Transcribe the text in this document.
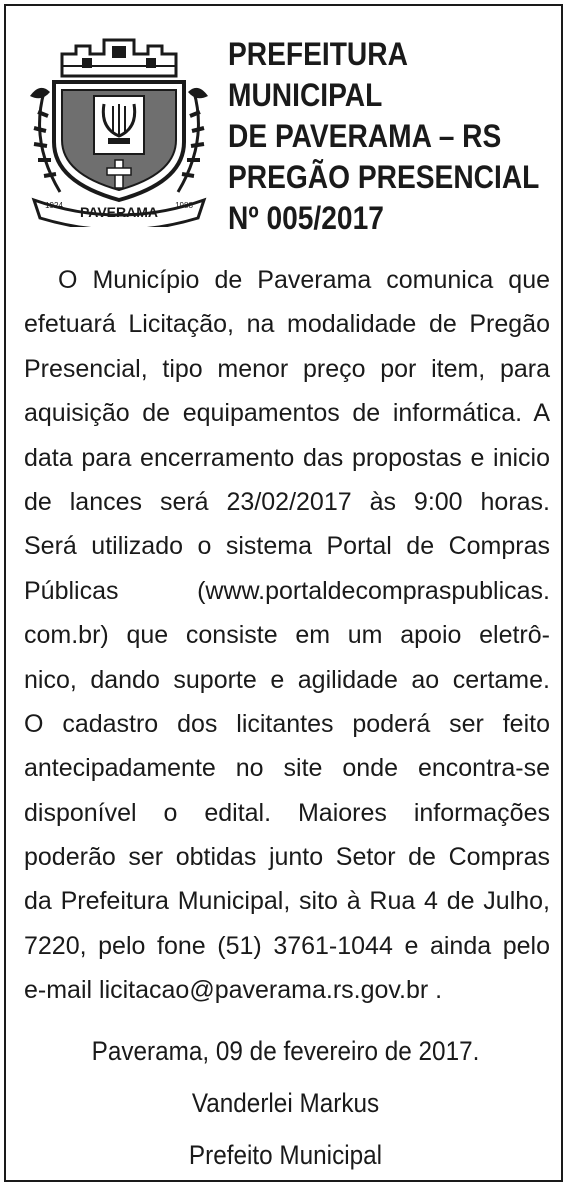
PAVERAMA
1924	1988
PREFEITURA
MUNICIPAL
DE PAVERAMA – RS
PREGÃO PRESENCIAL
Nº 005/2017
O Município de Paverama comunica que
efetuará Licitação, na modalidade de Pregão
Presencial, tipo menor preço por item, para
aquisição de equipamentos de informática. A
data para encerramento das propostas e inicio
de lances será 23/02/2017 às 9:00 horas.
Será utilizado o sistema Portal de Compras
Públicas (www.portaldecompraspublicas.
com.br) que consiste em um apoio eletrô-
nico, dando suporte e agilidade ao certame.
O cadastro dos licitantes poderá ser feito
antecipadamente no site onde encontra-se
disponível o edital. Maiores informações
poderão ser obtidas junto Setor de Compras
da Prefeitura Municipal, sito à Rua 4 de Julho,
7220, pelo fone (51) 3761-1044 e ainda pelo
e-mail licitacao@paverama.rs.gov.br .
Paverama, 09 de fevereiro de 2017.
Vanderlei Markus
Prefeito Municipal
